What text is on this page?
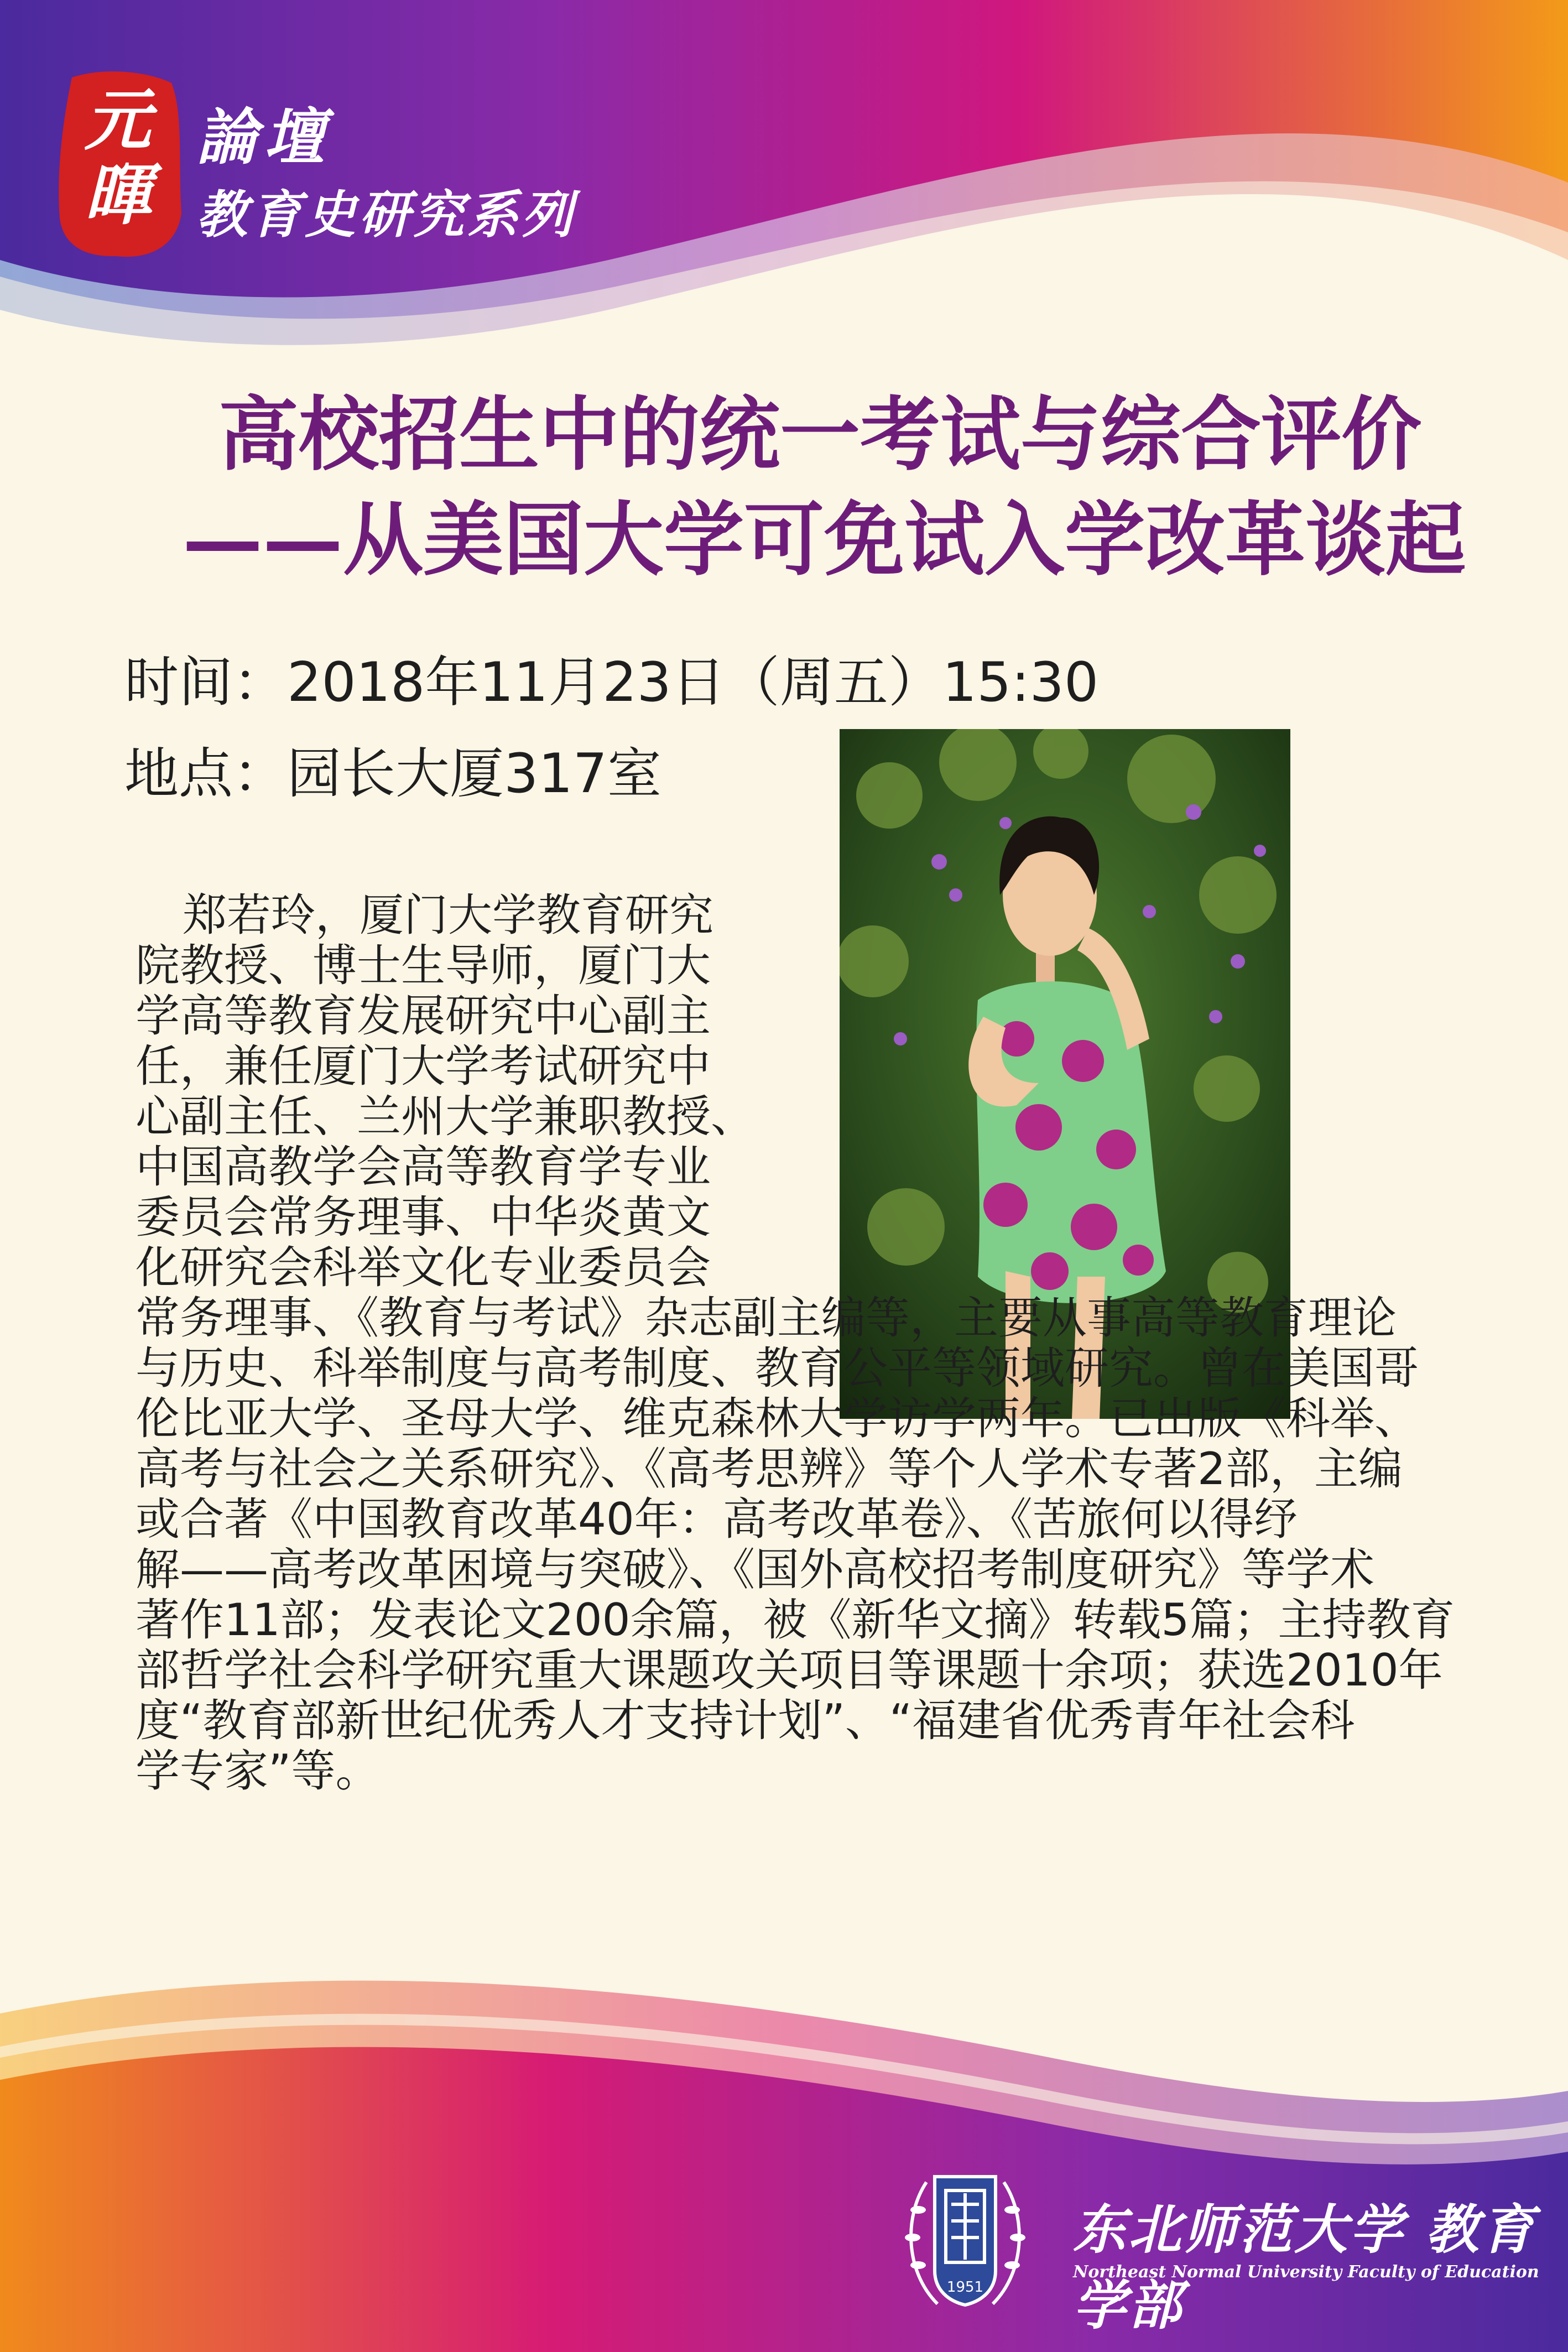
元暉
論壇
教育史研究系列
高校招生中的统一考试与综合评价
——从美国大学可免试入学改革谈起
时间：2018年11月23日（周五）15:30
地点：园长大厦317室
郑若玲，厦门大学教育研究
院教授、博士生导师，厦门大
学高等教育发展研究中心副主
任，兼任厦门大学考试研究中
心副主任、兰州大学兼职教授、
中国高教学会高等教育学专业
委员会常务理事、中华炎黄文
化研究会科举文化专业委员会
常务理事、《教育与考试》杂志副主编等，主要从事高等教育理论
与历史、科举制度与高考制度、教育公平等领域研究。曾在美国哥
伦比亚大学、圣母大学、维克森林大学访学两年。已出版《科举、
高考与社会之关系研究》、《高考思辨》等个人学术专著2部，主编
或合著《中国教育改革40年：高考改革卷》、《苦旅何以得纾
解——高考改革困境与突破》、《国外高校招考制度研究》等学术
著作11部；发表论文200余篇，被《新华文摘》转载5篇；主持教育
部哲学社会科学研究重大课题攻关项目等课题十余项；获选2010年
度“教育部新世纪优秀人才支持计划”、“福建省优秀青年社会科
学专家”等。
1951
东北师范大学 教育学部
Northeast Normal University Faculty of Education
